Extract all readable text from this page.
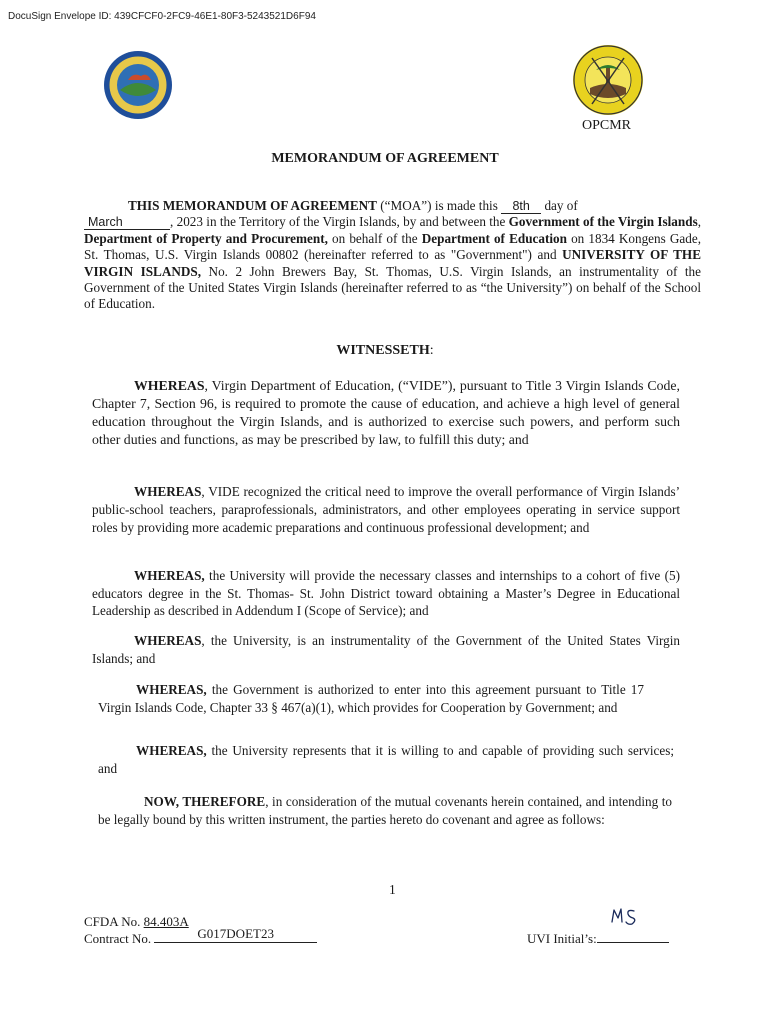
DocuSign Envelope ID: 439CFCF0-2FC9-46E1-80F3-5243521D6F94
OPCMR
MEMORANDUM OF AGREEMENT
THIS MEMORANDUM OF AGREEMENT (“MOA”) is made this 8th day of
March	, 2023 in the Territory of the Virgin Islands, by and between the Government of the Virgin Islands, Department of Property and Procurement, on behalf of the Department of Education on 1834 Kongens Gade, St. Thomas, U.S. Virgin Islands 00802 (hereinafter referred to as "Government") and UNIVERSITY OF THE VIRGIN ISLANDS, No. 2 John Brewers Bay, St. Thomas, U.S. Virgin Islands, an instrumentality of the Government of the United States Virgin Islands (hereinafter referred to as “the University”) on behalf of the School of Education.
WITNESSETH:
WHEREAS, Virgin Department of Education, (“VIDE”), pursuant to Title 3 Virgin Islands Code, Chapter 7, Section 96, is required to promote the cause of education, and achieve a high level of general education throughout the Virgin Islands, and is authorized to exercise such powers, and perform such other duties and functions, as may be prescribed by law, to fulfill this duty; and
WHEREAS, VIDE recognized the critical need to improve the overall performance of Virgin Islands’ public-school teachers, paraprofessionals, administrators, and other employees operating in service support roles by providing more academic preparations and continuous professional development; and
WHEREAS, the University will provide the necessary classes and internships to a cohort of five (5) educators degree in the St. Thomas- St. John District toward obtaining a Master’s Degree in Educational Leadership as described in Addendum I (Scope of Service); and
WHEREAS, the University, is an instrumentality of the Government of the United States Virgin Islands; and
WHEREAS, the Government is authorized to enter into this agreement pursuant to Title 17 Virgin Islands Code, Chapter 33 § 467(a)(1), which provides for Cooperation by Government; and
WHEREAS, the University represents that it is willing to and capable of providing such services; and
NOW, THEREFORE, in consideration of the mutual covenants herein contained, and intending to be legally bound by this written instrument, the parties hereto do covenant and agree as follows:
1
CFDA No. 84.403A
Contract No.	G017DOET23	UVI Initial’s:
